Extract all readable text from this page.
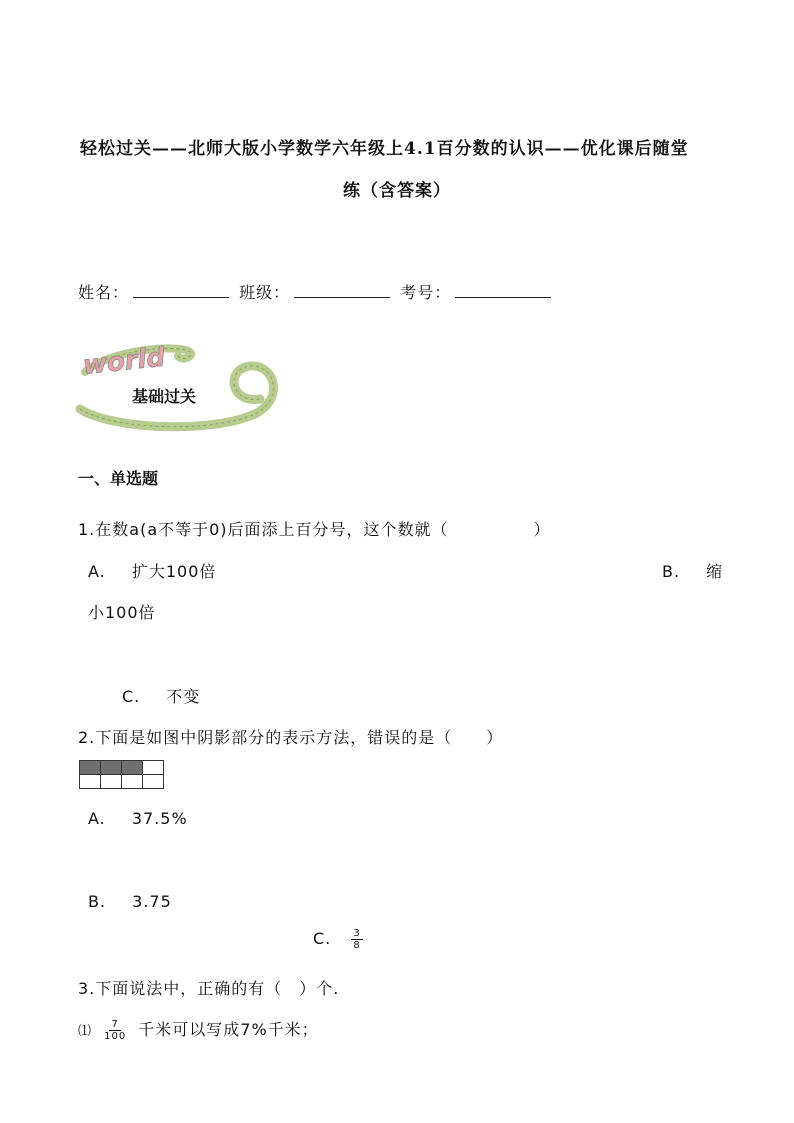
轻松过关——北师大版小学数学六年级上4.1百分数的认识——优化课后随堂
练（含答案）
姓名：	班级：	考号：
world
基础过关
一、单选题
1.在数a(a不等于0)后面添上百分号，这个数就（　　　　　）
A. 扩大100倍	B. 缩
小100倍
C. 不变
2.下面是如图中阴影部分的表示方法，错误的是（　　）
A. 37.5%
B. 3.75
C. $\frac{3}{8}$
3.下面说法中，正确的有（　）个.
⑴ $\frac{7}{100}$ 千米可以写成7%千米；
